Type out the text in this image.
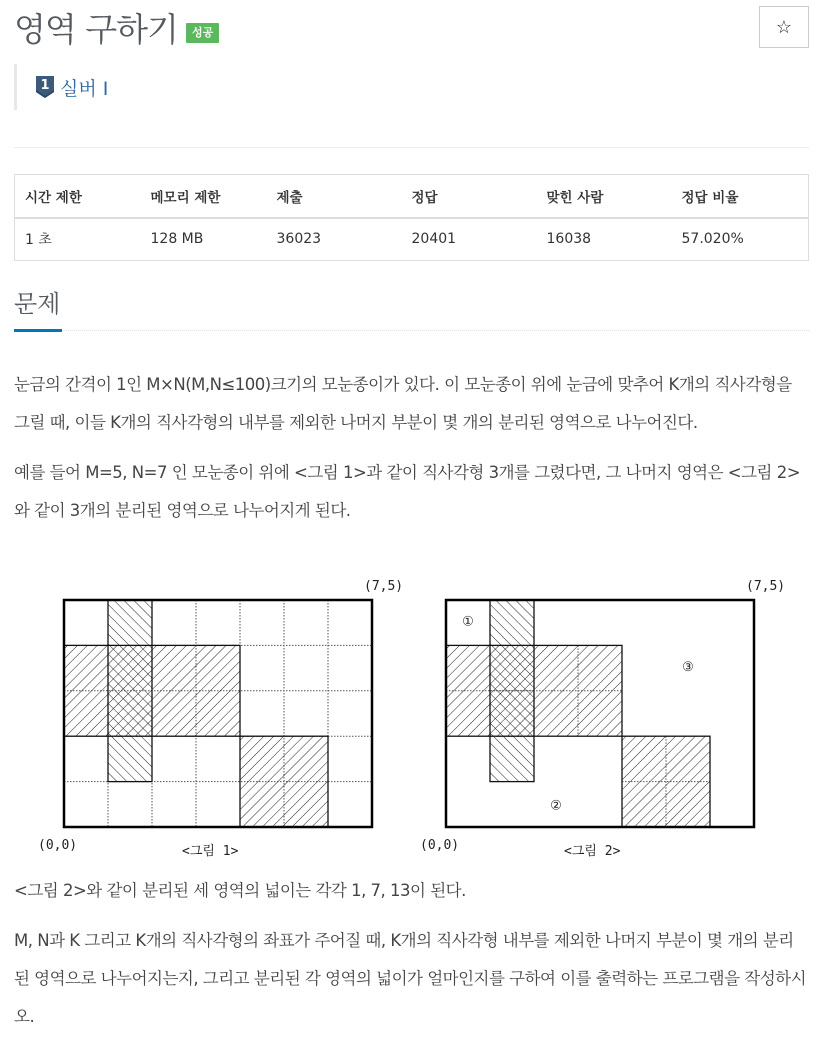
영역 구하기	성공	☆
1 실버 I
시간 제한	메모리 제한	제출	정답	맞힌 사람	정답 비율
1 초	128 MB	36023	20401	16038	57.020%
문제

눈금의 간격이 1인 M×N(M,N≤100)크기의 모눈종이가 있다. 이 모눈종이 위에 눈금에 맞추어 K개의 직사각형을 그릴 때, 이들 K개의 직사각형의 내부를 제외한 나머지 부분이 몇 개의 분리된 영역으로 나누어진다.

예를 들어 M=5, N=7 인 모눈종이 위에 <그림 1>과 같이 직사각형 3개를 그렸다면, 그 나머지 영역은 <그림 2>와 같이 3개의 분리된 영역으로 나누어지게 된다.

(7,5)
(0,0)	<그림 1>
(7,5)
(0,0)	<그림 2>
①
②
③

<그림 2>와 같이 분리된 세 영역의 넓이는 각각 1, 7, 13이 된다.

M, N과 K 그리고 K개의 직사각형의 좌표가 주어질 때, K개의 직사각형 내부를 제외한 나머지 부분이 몇 개의 분리된 영역으로 나누어지는지, 그리고 분리된 각 영역의 넓이가 얼마인지를 구하여 이를 출력하는 프로그램을 작성하시오.
